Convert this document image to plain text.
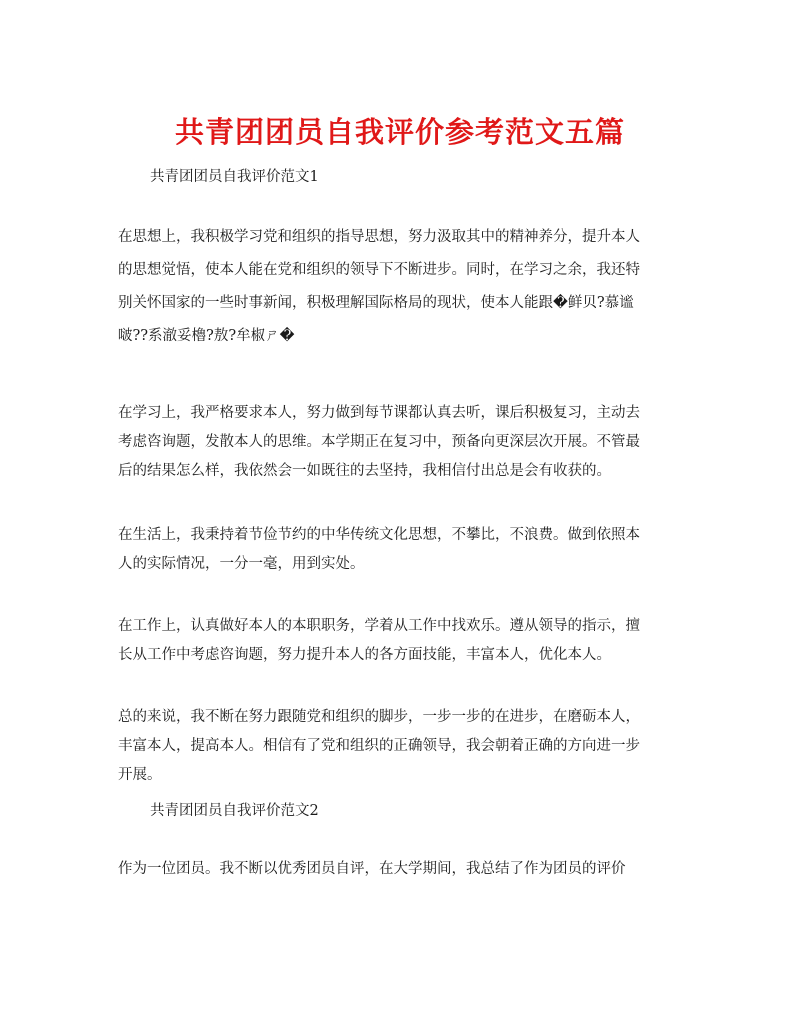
共青团团员自我评价参考范文五篇
共青团团员自我评价范文1
在思想上，我积极学习党和组织的指导思想，努力汲取其中的精神养分，提升本人
的思想觉悟，使本人能在党和组织的领导下不断进步。同时，在学习之余，我还特
别关怀国家的一些时事新闻，积极理解国际格局的现状，使本人能跟�鲜贝?慕谧
啵??系澈妥櫓?敖?牟椒ㄕ�
在学习上，我严格要求本人，努力做到每节课都认真去听，课后积极复习，主动去
考虑咨询题，发散本人的思维。本学期正在复习中，预备向更深层次开展。不管最
后的结果怎么样，我依然会一如既往的去坚持，我相信付出总是会有收获的。
在生活上，我秉持着节俭节约的中华传统文化思想，不攀比，不浪费。做到依照本
人的实际情况，一分一毫，用到实处。
在工作上，认真做好本人的本职职务，学着从工作中找欢乐。遵从领导的指示，擅
长从工作中考虑咨询题，努力提升本人的各方面技能，丰富本人，优化本人。
总的来说，我不断在努力跟随党和组织的脚步，一步一步的在进步，在磨砺本人，
丰富本人，提高本人。相信有了党和组织的正确领导，我会朝着正确的方向进一步
开展。
共青团团员自我评价范文2
作为一位团员。我不断以优秀团员自评，在大学期间，我总结了作为团员的评价
